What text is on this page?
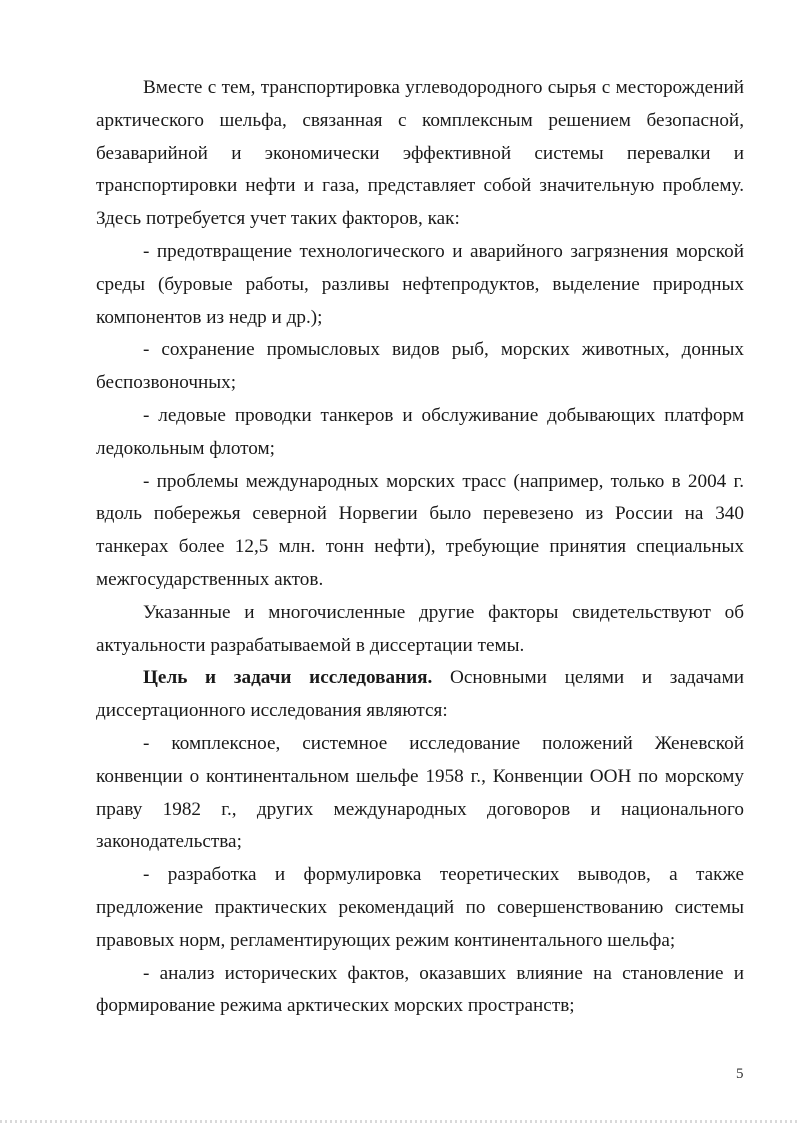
Вместе с тем, транспортировка углеводородного сырья с месторождений арктического шельфа, связанная с комплексным решением безопасной, безаварийной и экономически эффективной системы перевалки и транспортировки нефти и газа, представляет собой значительную проблему. Здесь потребуется учет таких факторов, как:

- предотвращение технологического и аварийного загрязнения морской среды (буровые работы, разливы нефтепродуктов, выделение природных компонентов из недр и др.);

- сохранение промысловых видов рыб, морских животных, донных беспозвоночных;

- ледовые проводки танкеров и обслуживание добывающих платформ ледокольным флотом;

- проблемы международных морских трасс (например, только в 2004 г. вдоль побережья северной Норвегии было перевезено из России на 340 танкерах более 12,5 млн. тонн нефти), требующие принятия специальных межгосударственных актов.

Указанные и многочисленные другие факторы свидетельствуют об актуальности разрабатываемой в диссертации темы.

Цель и задачи исследования. Основными целями и задачами диссертационного исследования являются:

- комплексное, системное исследование положений Женевской конвенции о континентальном шельфе 1958 г., Конвенции ООН по морскому праву 1982 г., других международных договоров и национального законодательства;

- разработка и формулировка теоретических выводов, а также предложение практических рекомендаций по совершенствованию системы правовых норм, регламентирующих режим континентального шельфа;

- анализ исторических фактов, оказавших влияние на становление и формирование режима арктических морских пространств;

5
